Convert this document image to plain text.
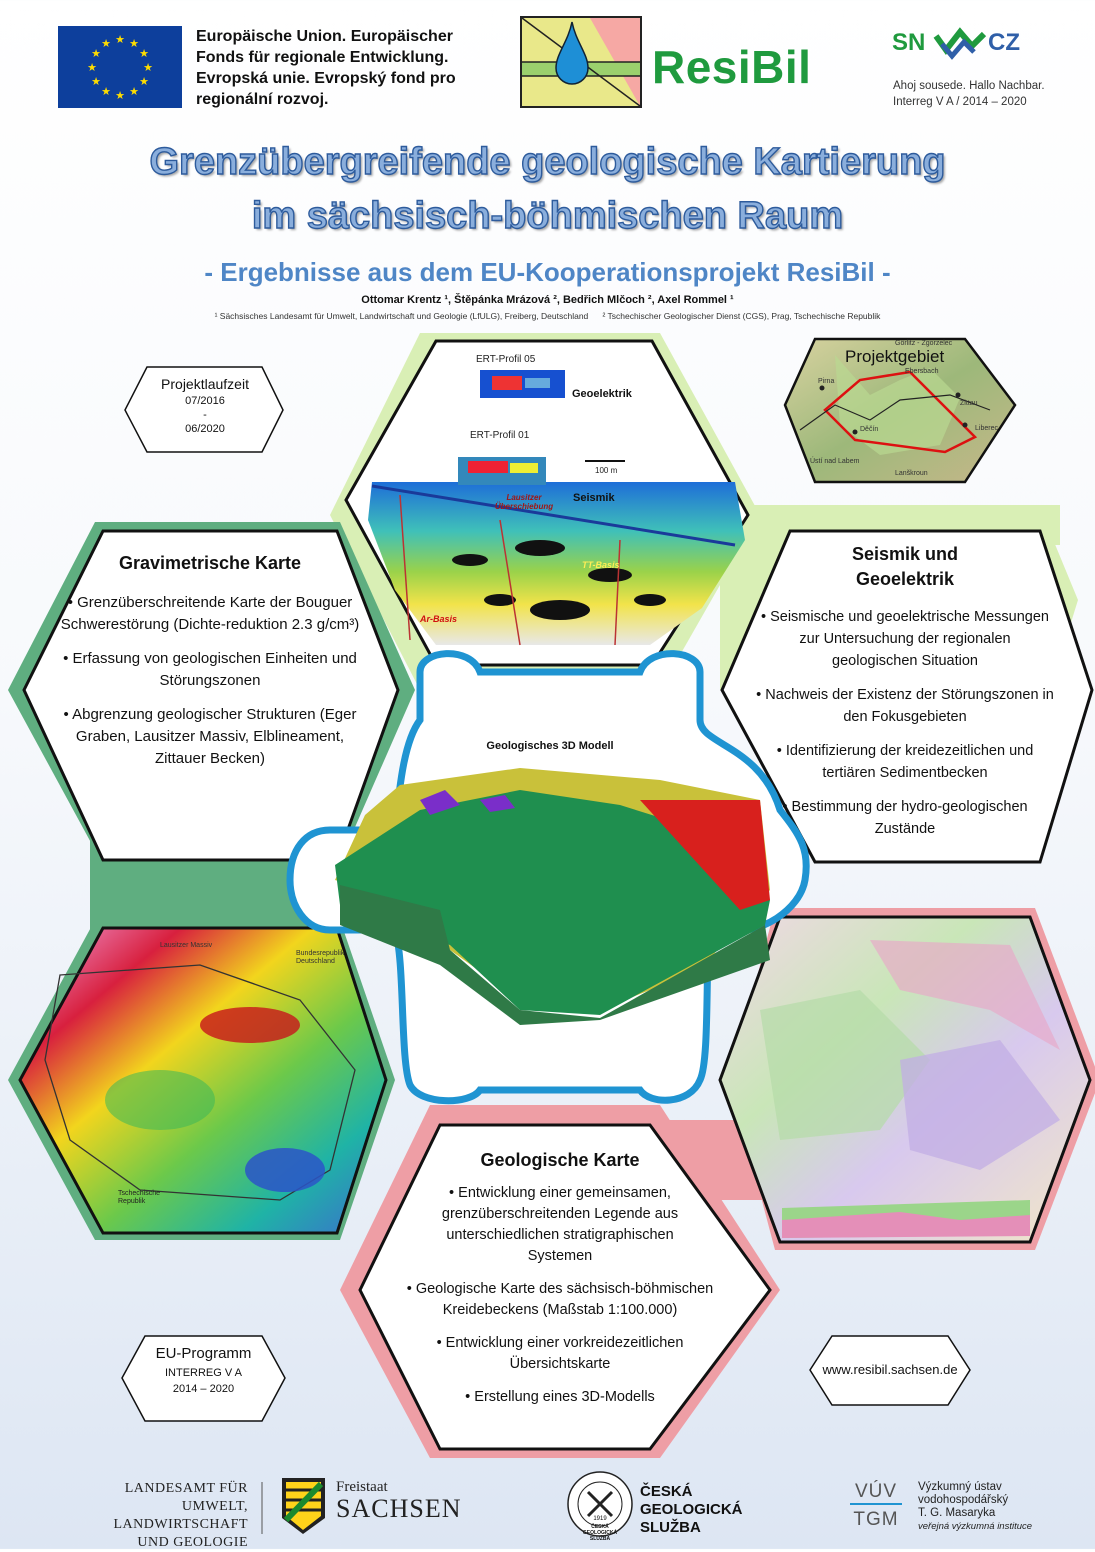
★ ★
★
★
★
★
★
★
★
★
★
★	Europäische Union. Europäischer
Fonds für regionale Entwicklung.
Evropská unie. Evropský fond pro
regionální rozvoj.
ResiBil	SN	CZ
Ahoj sousede. Hallo Nachbar.
Interreg V A / 2014 – 2020
Grenzübergreifende geologische Kartierung
im sächsisch-böhmischen Raum
- Ergebnisse aus dem EU-Kooperationsprojekt ResiBil -
Ottomar Krentz ¹, Štěpánka Mrázová ², Bedřich Mlčoch ², Axel Rommel ¹
¹ Sächsisches Landesamt für Umwelt, Landwirtschaft und Geologie (LfULG), Freiberg, Deutschland ² Tschechischer Geologischer Dienst (CGS), Prag, Tschechische Republik
ERT-Profil 05
Geoelektrik
ERT-Profil 01
100 m
Seismik
Lausitzer Überschiebung
TT-Basis
Ar-Basis
Projektgebiet
Görlitz - Zgorzelec
Ebersbach
Pirna
Zittau
Děčín	Liberec
Ústí nad Labem
Lanškroun
Projektlaufzeit
07/2016
-
06/2020
Gravimetrische Karte

• Grenzüberschreitende Karte der Bouguer Schwerestörung (Dichte-reduktion 2.3 g/cm³)

• Erfassung von geologischen Einheiten und Störungszonen

• Abgrenzung geologischer Strukturen (Eger Graben, Lausitzer Massiv, Elblineament, Zittauer Becken)

Seismik und
Geoelektrik

• Seismische und geoelektrische Messungen zur Untersuchung der regionalen geologischen Situation

• Nachweis der Existenz der Störungszonen in den Fokusgebieten

• Identifizierung der kreidezeitlichen und tertiären Sedimentbecken

• Bestimmung der hydro-geologischen Zustände

Geologisches 3D Modell
Lausitzer Massiv
Bundesrepublik Deutschland
Tschechische Republik
Geologische Karte

• Entwicklung einer gemeinsamen, grenzüberschreitenden Legende aus unterschiedlichen stratigraphischen Systemen

• Geologische Karte des sächsisch-böhmischen Kreidebeckens (Maßstab 1:100.000)

• Entwicklung einer vorkreidezeitlichen Übersichtskarte

• Erstellung eines 3D-Modells

EU-Programm
INTERREG V A
2014 – 2020
www.resibil.sachsen.de
LANDESAMT FÜR UMWELT,
LANDWIRTSCHAFT
UND GEOLOGIE
Freistaat
SACHSEN
ČESKÁ GEOLOGICKÁ SLUŽBA
1919
ČESKÁ
GEOLOGICKÁ
SLUŽBA
VÚV
TGM
Výzkumný ústav
vodohospodářský
T. G. Masaryka
veřejná výzkumná instituce
